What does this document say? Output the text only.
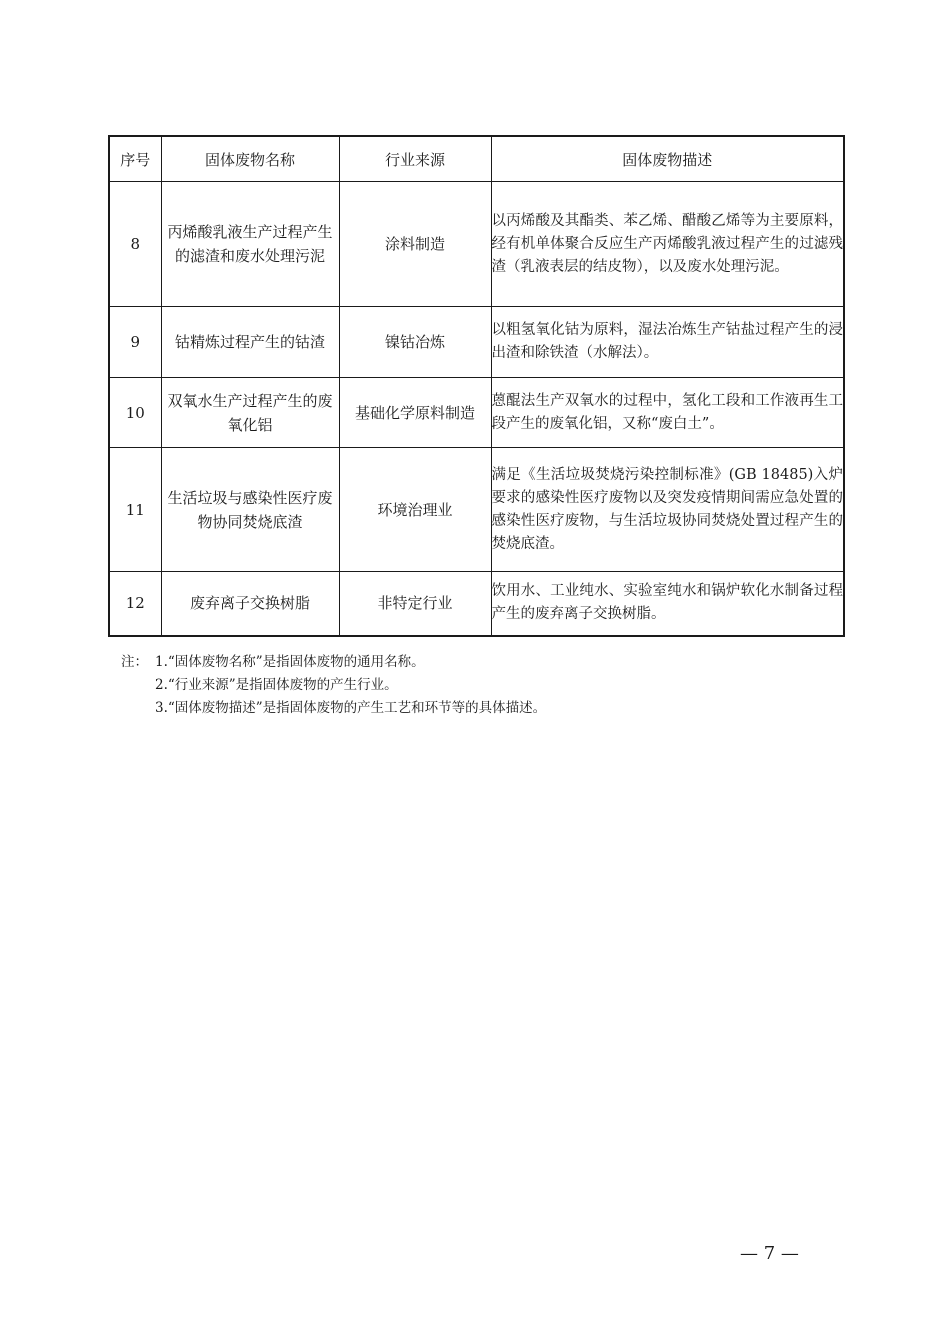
序号	固体废物名称	行业来源	固体废物描述
8	丙烯酸乳液生产过程产生的滤渣和废水处理污泥	涂料制造	以丙烯酸及其酯类、苯乙烯、醋酸乙烯等为主要原料，经有机单体聚合反应生产丙烯酸乳液过程产生的过滤残渣（乳液表层的结皮物），以及废水处理污泥。
9	钴精炼过程产生的钴渣	镍钴冶炼	以粗氢氧化钴为原料，湿法冶炼生产钴盐过程产生的浸出渣和除铁渣（水解法）。
10	双氧水生产过程产生的废氧化铝	基础化学原料制造	蒽醌法生产双氧水的过程中，氢化工段和工作液再生工段产生的废氧化铝，又称“废白土”。
11	生活垃圾与感染性医疗废物协同焚烧底渣	环境治理业	满足《生活垃圾焚烧污染控制标准》(GB 18485)入炉要求的感染性医疗废物以及突发疫情期间需应急处置的感染性医疗废物，与生活垃圾协同焚烧处置过程产生的焚烧底渣。
12	废弃离子交换树脂	非特定行业	饮用水、工业纯水、实验室纯水和锅炉软化水制备过程产生的废弃离子交换树脂。
注： 1.“固体废物名称”是指固体废物的通用名称。
2.“行业来源”是指固体废物的产生行业。
3.“固体废物描述”是指固体废物的产生工艺和环节等的具体描述。
— 7 —
